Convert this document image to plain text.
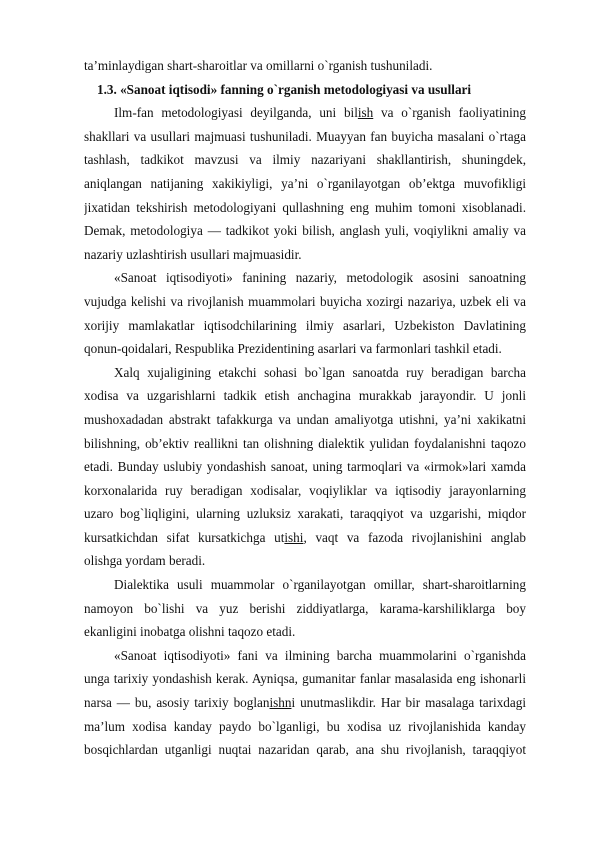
ta’minlaydigan shart-sharoitlar va omillarni o`rganish tushuniladi.
1.3. «Sanoat iqtisodi» fanning o`rganish metodologiyasi va usullari
Ilm-fan metodologiyasi deyilganda, uni bilish va o`rganish faoliyatining
shakllari va usullari majmuasi tushuniladi. Muayyan fan buyicha masalani o`rtaga
tashlash, tadkikot mavzusi va ilmiy nazariyani shakllantirish, shuningdek,
aniqlangan natijaning xakikiyligi, ya’ni o`rganilayotgan ob’ektga muvofikligi
jixatidan tekshirish metodologiyani qullashning eng muhim tomoni xisoblanadi.
Demak, metodologiya — tadkikot yoki bilish, anglash yuli, voqiylikni amaliy va
nazariy uzlashtirish usullari majmuasidir.
«Sanoat iqtisodiyoti» fanining nazariy, metodologik asosini sanoatning
vujudga kelishi va rivojlanish muammolari buyicha xozirgi nazariya, uzbek eli va
xorijiy mamlakatlar iqtisodchilarining ilmiy asarlari, Uzbekiston Davlatining
qonun-qoidalari, Respublika Prezidentining asarlari va farmonlari tashkil etadi.
Xalq xujaligining etakchi sohasi bo`lgan sanoatda ruy beradigan barcha
xodisa va uzgarishlarni tadkik etish anchagina murakkab jarayondir. U jonli
mushoxadadan abstrakt tafakkurga va undan amaliyotga utishni, ya’ni xakikatni
bilishning, ob’ektiv reallikni tan olishning dialektik yulidan foydalanishni taqozo
etadi. Bunday uslubiy yondashish sanoat, uning tarmoqlari va «irmok»lari xamda
korxonalarida ruy beradigan xodisalar, voqiyliklar va iqtisodiy jarayonlarning
uzaro bog`liqligini, ularning uzluksiz xarakati, taraqqiyot va uzgarishi, miqdor
kursatkichdan sifat kursatkichga utishi, vaqt va fazoda rivojlanishini anglab
olishga yordam beradi.
Dialektika usuli muammolar o`rganilayotgan omillar, shart-sharoitlarning
namoyon bo`lishi va yuz berishi ziddiyatlarga, karama-karshiliklarga boy
ekanligini inobatga olishni taqozo etadi.
«Sanoat iqtisodiyoti» fani va ilmining barcha muammolarini o`rganishda
unga tarixiy yondashish kerak. Ayniqsa, gumanitar fanlar masalasida eng ishonarli
narsa — bu, asosiy tarixiy boglanishni unutmaslikdir. Har bir masalaga tarixdagi
ma’lum xodisa kanday paydo bo`lganligi, bu xodisa uz rivojlanishida kanday
bosqichlardan utganligi nuqtai nazaridan qarab, ana shu rivojlanish, taraqqiyot
